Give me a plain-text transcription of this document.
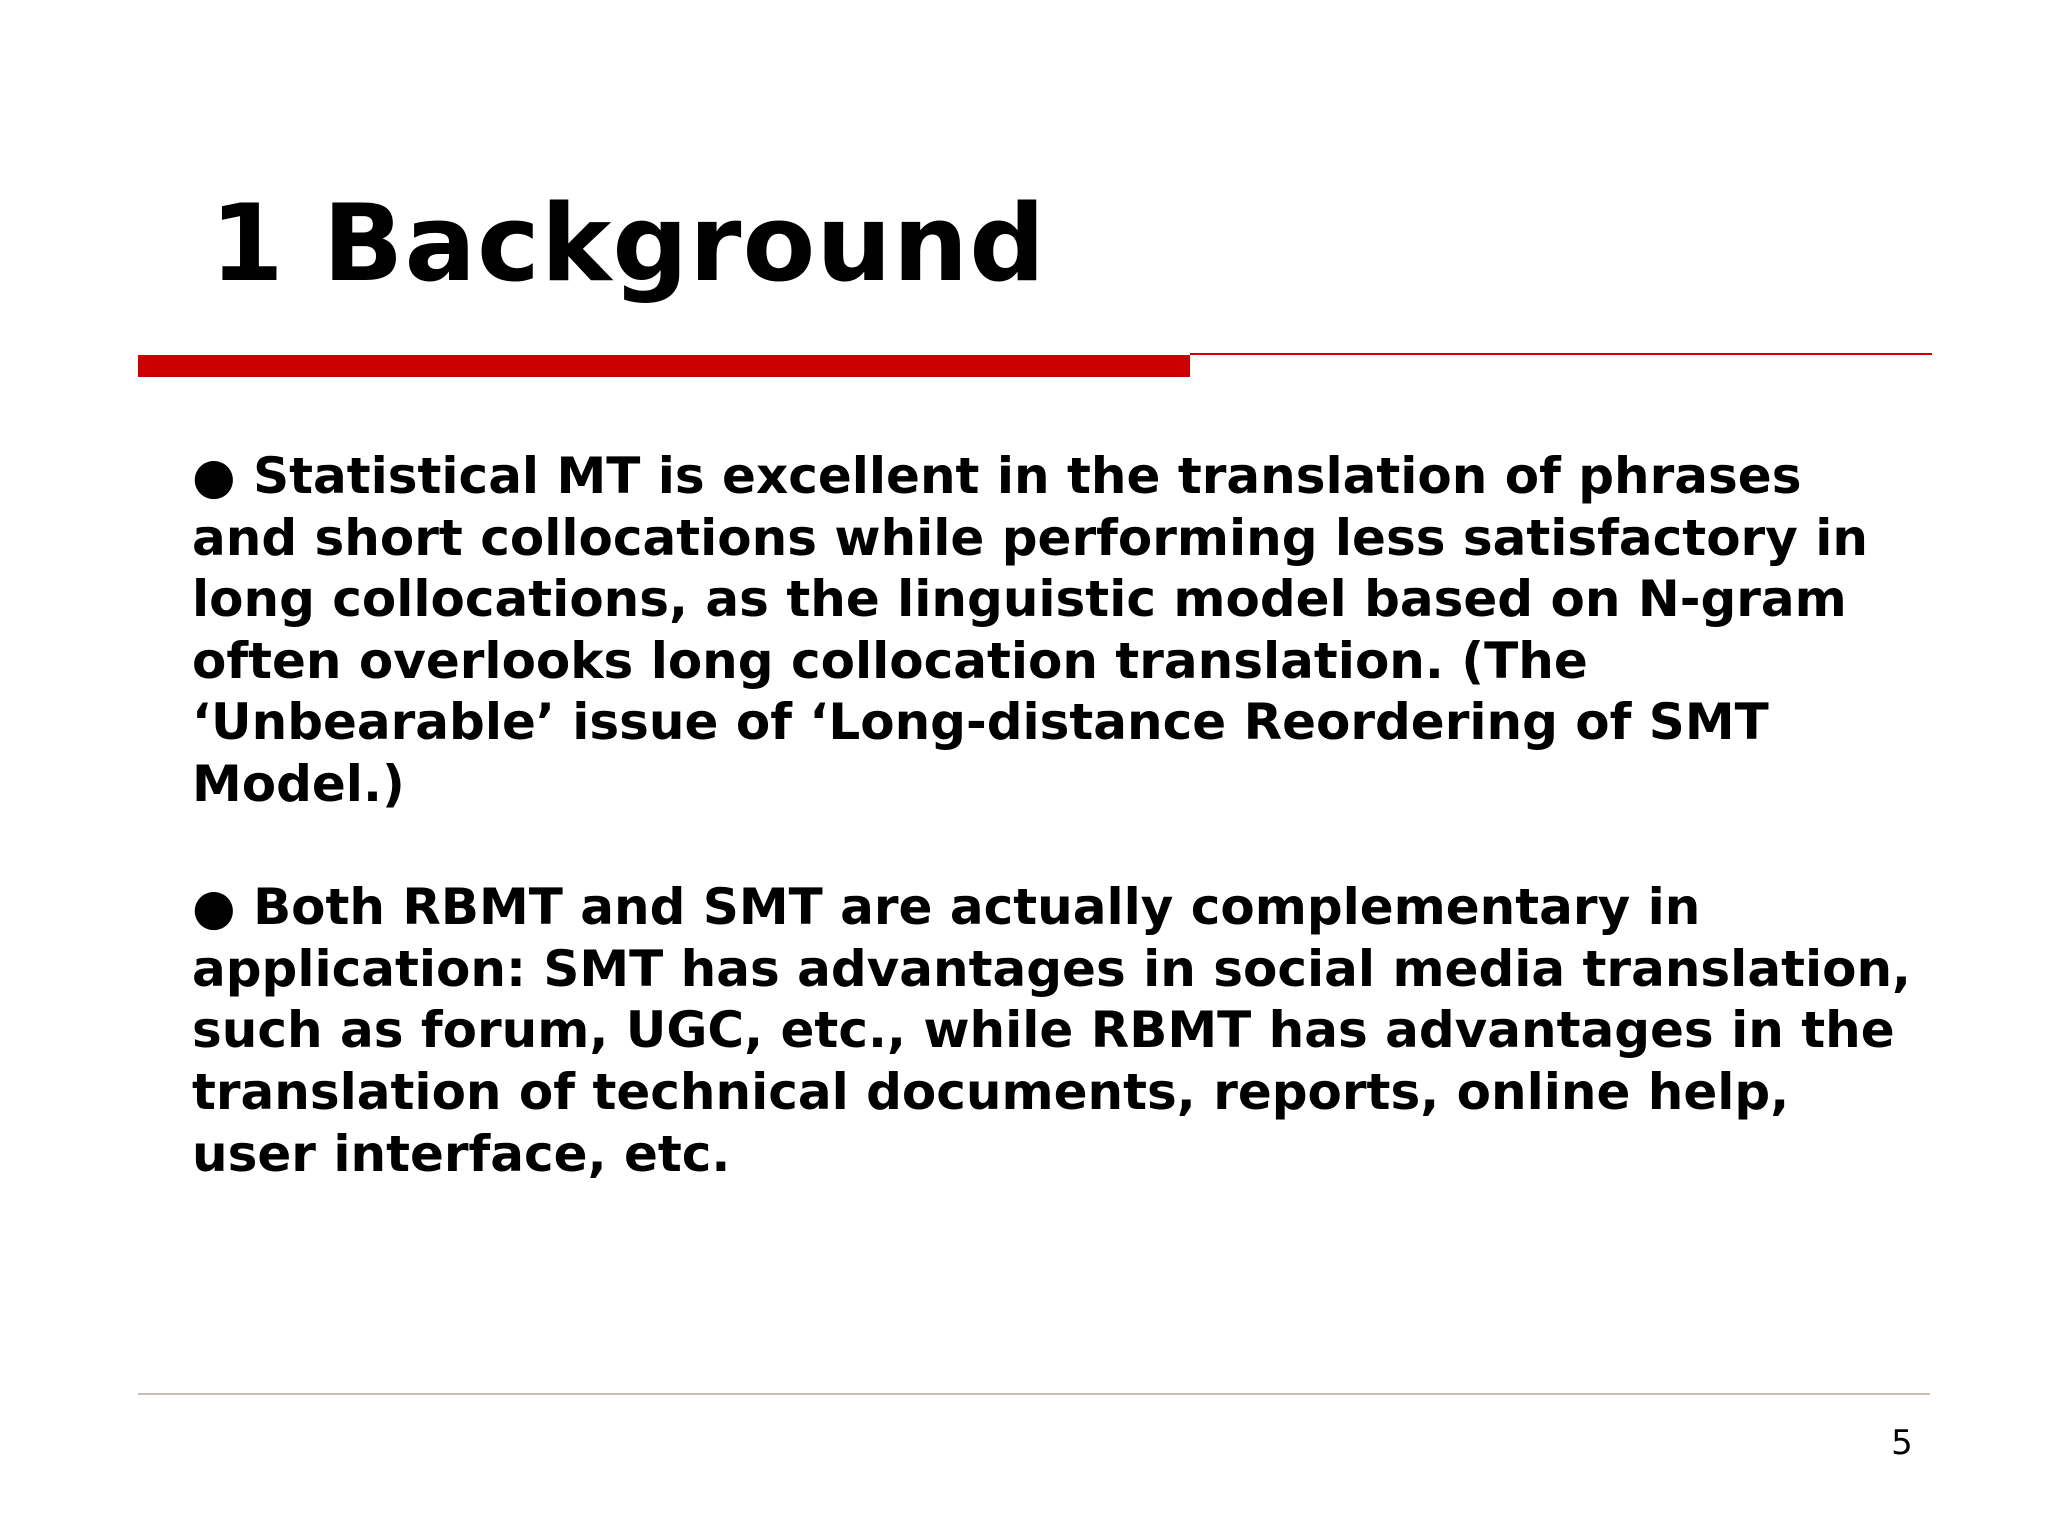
1 Background

● Statistical MT is excellent in the translation of phrases
and short collocations while performing less satisfactory in
long collocations, as the linguistic model based on N-gram
often overlooks long collocation translation. (The
‘Unbearable’ issue of ‘Long-distance Reordering of SMT
Model.)

● Both RBMT and SMT are actually complementary in
application: SMT has advantages in social media translation,
such as forum, UGC, etc., while RBMT has advantages in the
translation of technical documents, reports, online help,
user interface, etc.

5
